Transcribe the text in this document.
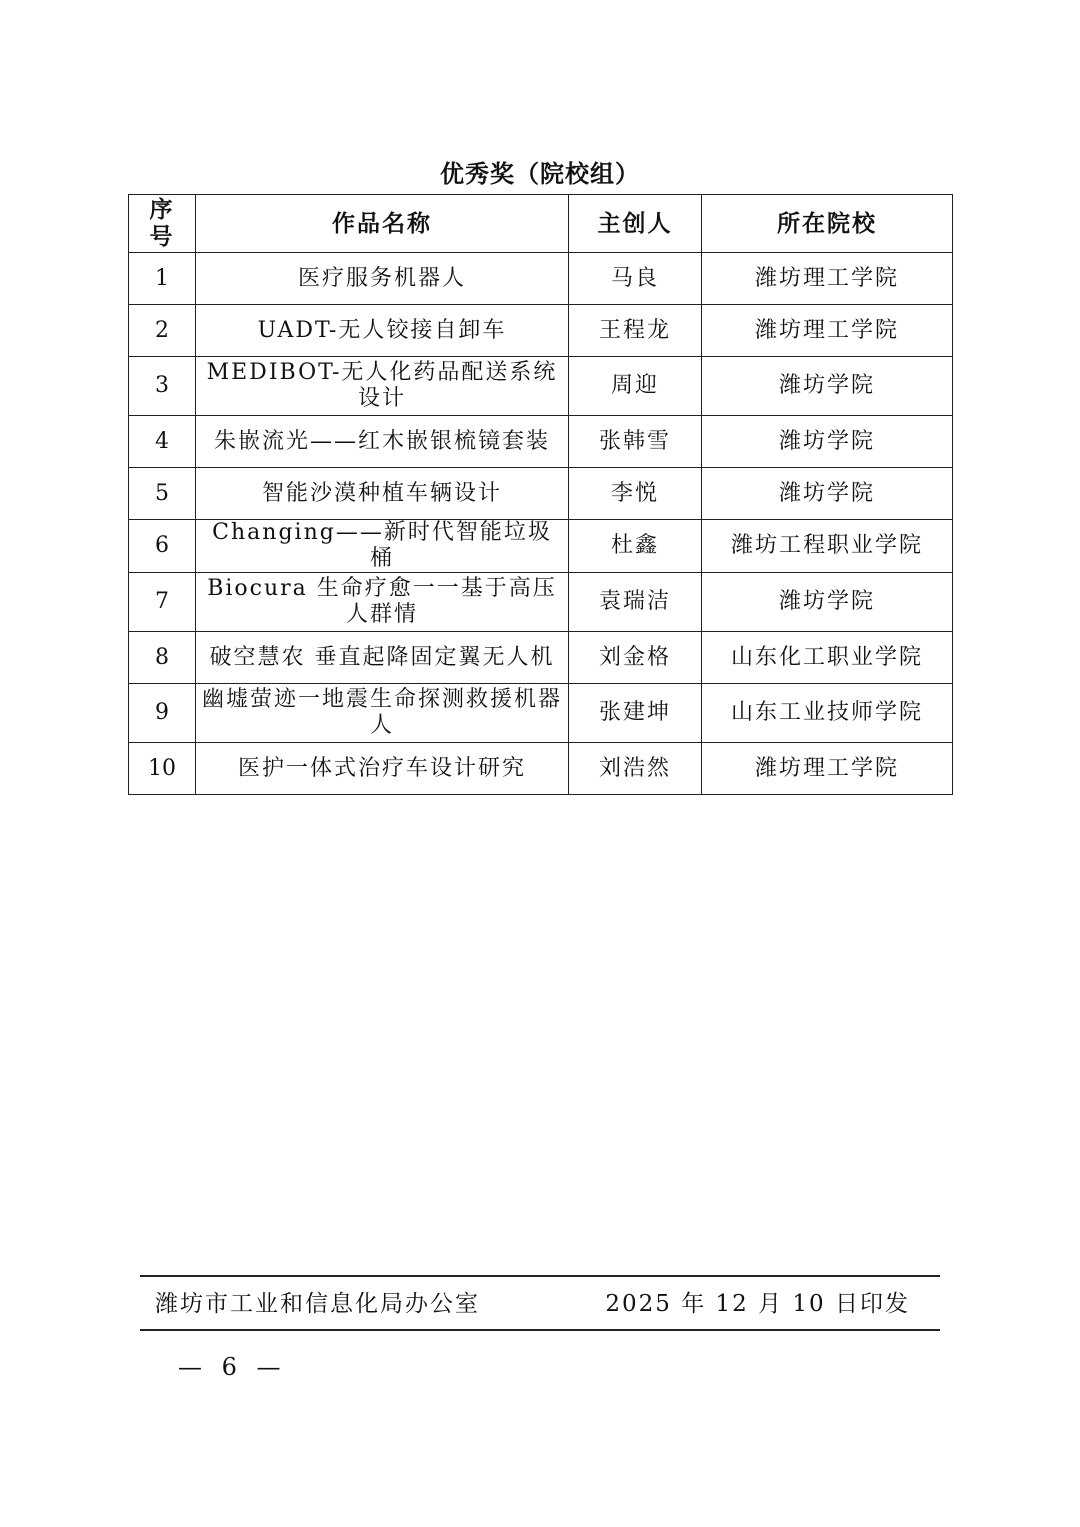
优秀奖（院校组）
序
号	作品名称	主创人	所在院校
1	医疗服务机器人	马良	潍坊理工学院
2	UADT-无人铰接自卸车	王程龙	潍坊理工学院
3	MEDIBOT-无人化药品配送系统设计	周迎	潍坊学院
4	朱嵌流光——红木嵌银梳镜套装	张韩雪	潍坊学院
5	智能沙漠种植车辆设计	李悦	潍坊学院
6	Changing——新时代智能垃圾桶	杜鑫	潍坊工程职业学院
7	Biocura 生命疗愈一一基于高压人群情	袁瑞洁	潍坊学院
8	破空慧农 垂直起降固定翼无人机	刘金格	山东化工职业学院
9	幽墟萤迹一地震生命探测救援机器人	张建坤	山东工业技师学院
10	医护一体式治疗车设计研究	刘浩然	潍坊理工学院
潍坊市工业和信息化局办公室	2025 年 12 月 10 日印发
— 6 —
